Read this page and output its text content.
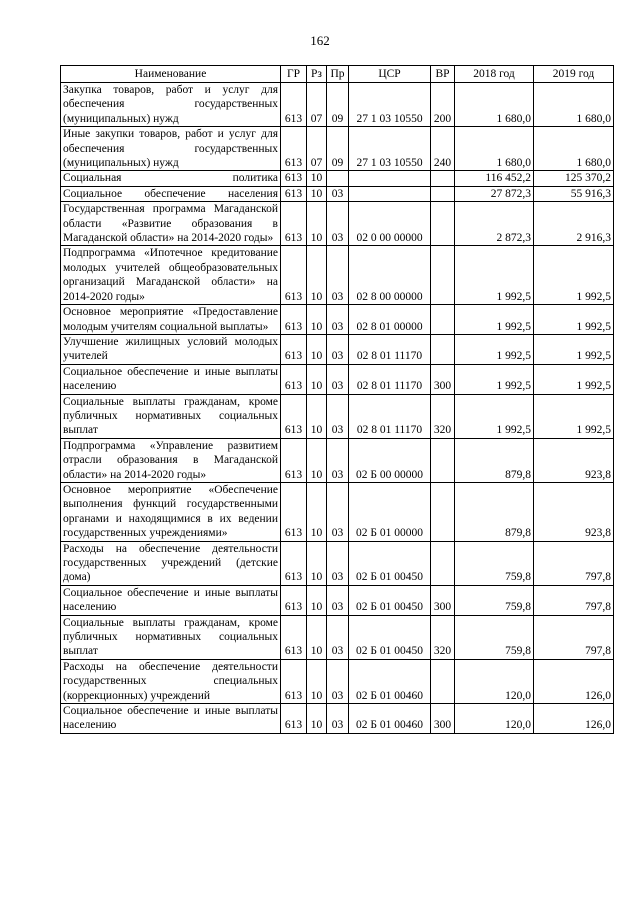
162
Наименование	ГР	Рз	Пр	ЦСР	ВР	2018 год	2019 год
Закупка товаров, работ и услуг для обеспечения государственных (муниципальных) нужд	613	07	09	27 1 03 10550	200	1 680,0	1 680,0
Иные закупки товаров, работ и услуг для обеспечения государственных (муниципальных) нужд	613	07	09	27 1 03 10550	240	1 680,0	1 680,0
Социальная политика	613	10				116 452,2	125 370,2
Социальное обеспечение населения	613	10	03			27 872,3	55 916,3
Государственная программа Магаданской области «Развитие образования в Магаданской области» на 2014-2020 годы»	613	10	03	02 0 00 00000		2 872,3	2 916,3
Подпрограмма «Ипотечное кредитование молодых учителей общеобразовательных организаций Магаданской области» на 2014-2020 годы»	613	10	03	02 8 00 00000		1 992,5	1 992,5
Основное мероприятие «Предоставление молодым учителям социальной выплаты»	613	10	03	02 8 01 00000		1 992,5	1 992,5
Улучшение жилищных условий молодых учителей	613	10	03	02 8 01 11170		1 992,5	1 992,5
Социальное обеспечение и иные выплаты населению	613	10	03	02 8 01 11170	300	1 992,5	1 992,5
Социальные выплаты гражданам, кроме публичных нормативных социальных выплат	613	10	03	02 8 01 11170	320	1 992,5	1 992,5
Подпрограмма «Управление развитием отрасли образования в Магаданской области» на 2014-2020 годы»	613	10	03	02 Б 00 00000		879,8	923,8
Основное мероприятие «Обеспечение выполнения функций государственными органами и находящимися в их ведении государственных учреждениями»	613	10	03	02 Б 01 00000		879,8	923,8
Расходы на обеспечение деятельности государственных учреждений (детские дома)	613	10	03	02 Б 01 00450		759,8	797,8
Социальное обеспечение и иные выплаты населению	613	10	03	02 Б 01 00450	300	759,8	797,8
Социальные выплаты гражданам, кроме публичных нормативных социальных выплат	613	10	03	02 Б 01 00450	320	759,8	797,8
Расходы на обеспечение деятельности государственных специальных (коррекционных) учреждений	613	10	03	02 Б 01 00460		120,0	126,0
Социальное обеспечение и иные выплаты населению	613	10	03	02 Б 01 00460	300	120,0	126,0
